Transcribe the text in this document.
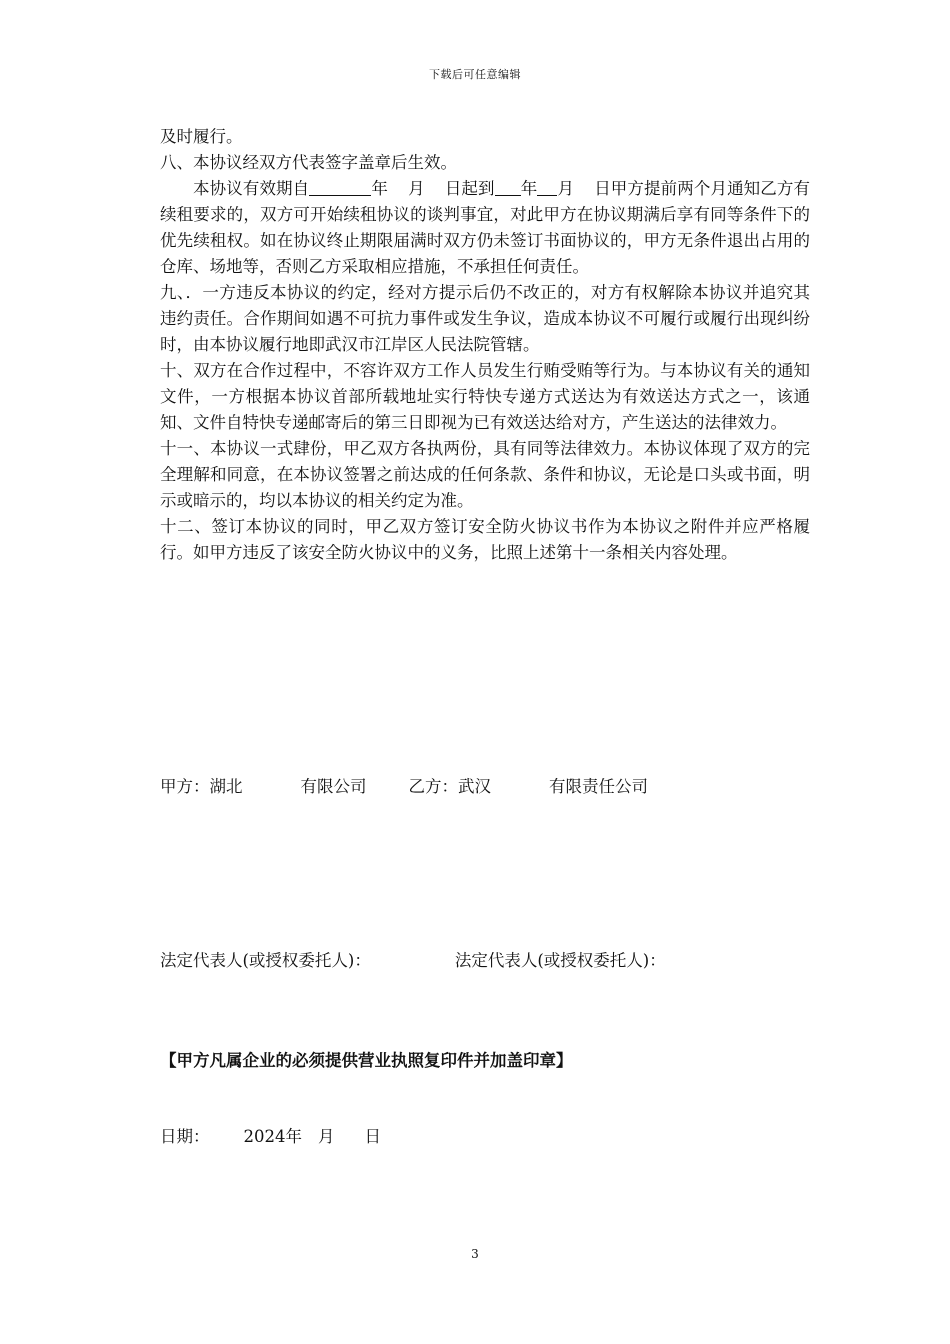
下载后可任意编辑

及时履行。

八、本协议经双方代表签字盖章后生效。

本协议有效期自	年 月 日起到 年 月 日甲方提前两个月通知乙方有续租要求的，双方可开始续租协议的谈判事宜，对此甲方在协议期满后享有同等条件下的优先续租权。如在协议终止期限届满时双方仍未签订书面协议的，甲方无条件退出占用的仓库、场地等，否则乙方采取相应措施，不承担任何责任。

九、．一方违反本协议的约定，经对方提示后仍不改正的，对方有权解除本协议并追究其违约责任。合作期间如遇不可抗力事件或发生争议，造成本协议不可履行或履行出现纠纷时，由本协议履行地即武汉市江岸区人民法院管辖。

十、双方在合作过程中，不容许双方工作人员发生行贿受贿等行为。与本协议有关的通知文件，一方根据本协议首部所载地址实行特快专递方式送达为有效送达方式之一，该通知、文件自特快专递邮寄后的第三日即视为已有效送达给对方，产生送达的法律效力。

十一、本协议一式肆份，甲乙双方各执两份，具有同等法律效力。本协议体现了双方的完全理解和同意，在本协议签署之前达成的任何条款、条件和协议，无论是口头或书面，明示或暗示的，均以本协议的相关约定为准。

十二、签订本协议的同时，甲乙双方签订安全防火协议书作为本协议之附件并应严格履行。如甲方违反了该安全防火协议中的义务，比照上述第十一条相关内容处理。

甲方：湖北	有限公司	乙方：武汉	有限责任公司
法定代表人(或授权委托人)：	法定代表人(或授权委托人)：
【甲方凡属企业的必须提供营业执照复印件并加盖印章】
日期： 2024年 月 日
3
